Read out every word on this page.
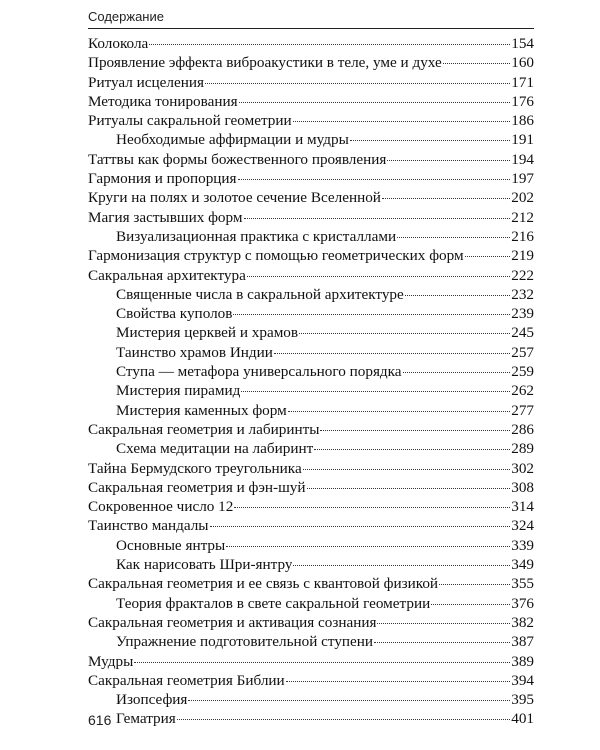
Содержание
Колокола	154
Проявление эффекта виброакустики в теле, уме и духе	160
Ритуал исцеления	171
Методика тонирования	176
Ритуалы сакральной геометрии	186
Необходимые аффирмации и мудры	191
Таттвы как формы божественного проявления	194
Гармония и пропорция	197
Круги на полях и золотое сечение Вселенной	202
Магия застывших форм	212
Визуализационная практика с кристаллами	216
Гармонизация структур с помощью геометрических форм	219
Сакральная архитектура	222
Священные числа в сакральной архитектуре	232
Свойства куполов	239
Мистерия церквей и храмов	245
Таинство храмов Индии	257
Ступа — метафора универсального порядка	259
Мистерия пирамид	262
Мистерия каменных форм	277
Сакральная геометрия и лабиринты	286
Схема медитации на лабиринт	289
Тайна Бермудского треугольника	302
Сакральная геометрия и фэн-шуй	308
Сокровенное число 12	314
Таинство мандалы	324
Основные янтры	339
Как нарисовать Шри-янтру	349
Сакральная геометрия и ее связь с квантовой физикой	355
Теория фракталов в свете сакральной геометрии	376
Сакральная геометрия и активация сознания	382
Упражнение подготовительной ступени	387
Мудры	389
Сакральная геометрия Библии	394
Изопсефия	395
Гематрия	401
616
